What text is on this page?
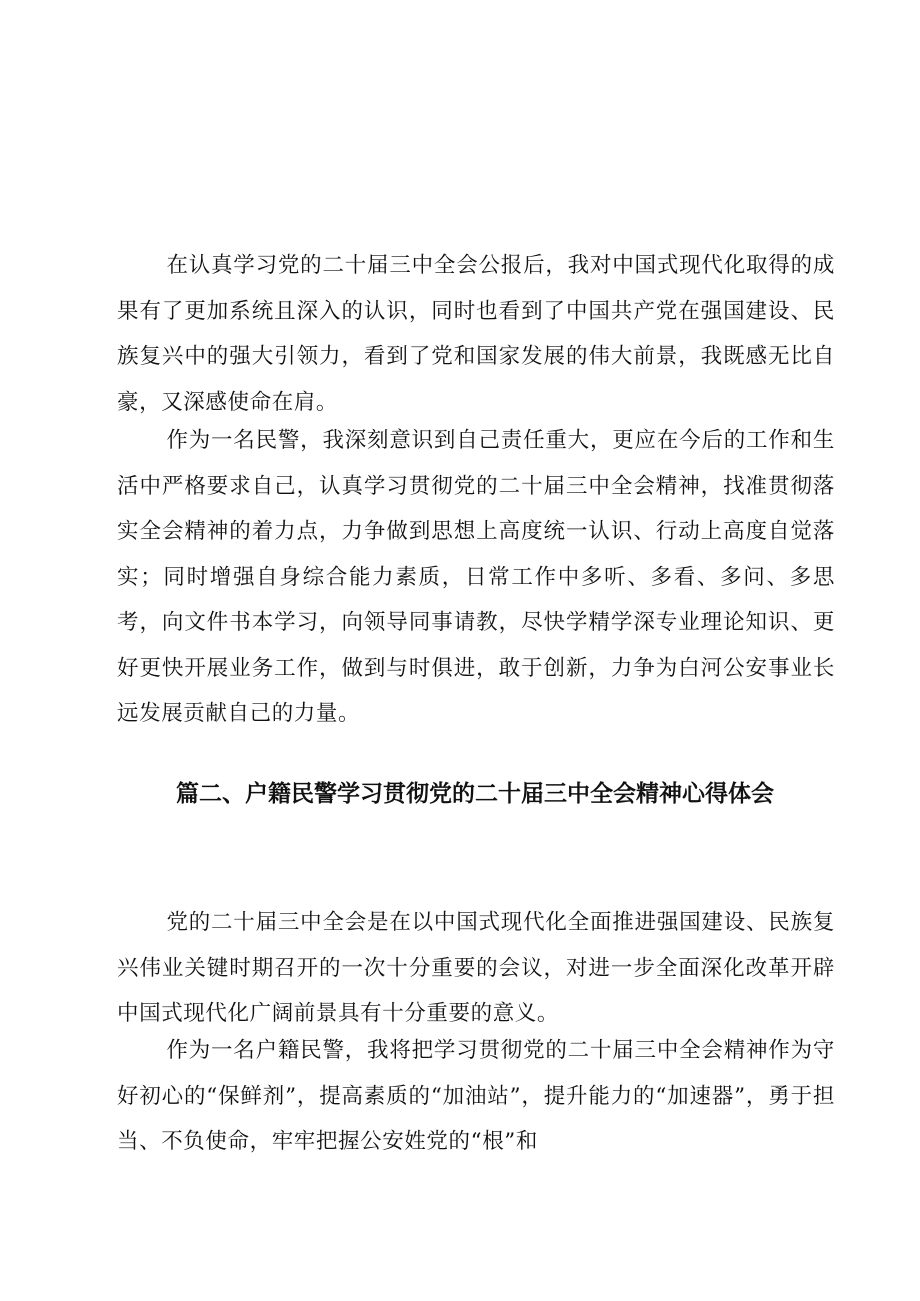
在认真学习党的二十届三中全会公报后，我对中国式现代化取得的成果有了更加系统且深入的认识，同时也看到了中国共产党在强国建设、民族复兴中的强大引领力，看到了党和国家发展的伟大前景，我既感无比自豪，又深感使命在肩。

作为一名民警，我深刻意识到自己责任重大，更应在今后的工作和生活中严格要求自己，认真学习贯彻党的二十届三中全会精神，找准贯彻落实全会精神的着力点，力争做到思想上高度统一认识、行动上高度自觉落实；同时增强自身综合能力素质，日常工作中多听、多看、多问、多思考，向文件书本学习，向领导同事请教，尽快学精学深专业理论知识、更好更快开展业务工作，做到与时俱进，敢于创新，力争为白河公安事业长远发展贡献自己的力量。

篇二、户籍民警学习贯彻党的二十届三中全会精神心得体会

党的二十届三中全会是在以中国式现代化全面推进强国建设、民族复兴伟业关键时期召开的一次十分重要的会议，对进一步全面深化改革开辟中国式现代化广阔前景具有十分重要的意义。

作为一名户籍民警，我将把学习贯彻党的二十届三中全会精神作为守好初心的“保鲜剂”，提高素质的“加油站”，提升能力的“加速器”，勇于担当、不负使命，牢牢把握公安姓党的“根”和
